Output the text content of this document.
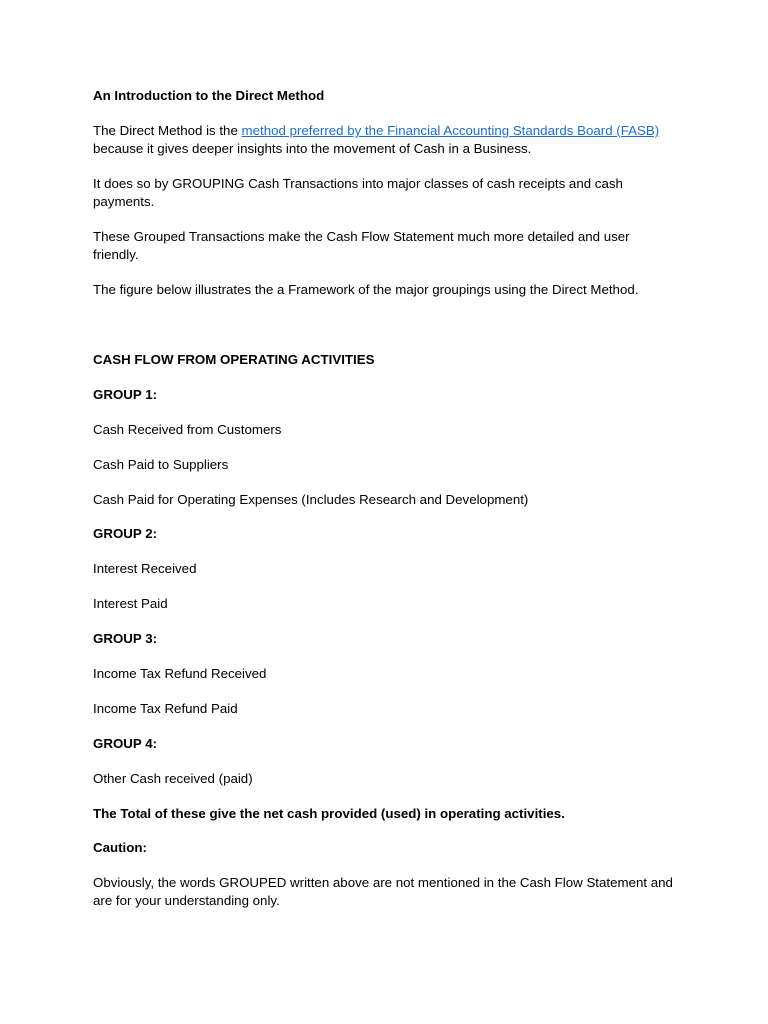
An Introduction to the Direct Method
The Direct Method is the method preferred by the Financial Accounting Standards Board (FASB) because it gives deeper insights into the movement of Cash in a Business.
It does so by GROUPING Cash Transactions into major classes of cash receipts and cash payments.
These Grouped Transactions make the Cash Flow Statement much more detailed and user friendly.
The figure below illustrates the a Framework of the major groupings using the Direct Method.
CASH FLOW FROM OPERATING ACTIVITIES
GROUP 1:
Cash Received from Customers
Cash Paid to Suppliers
Cash Paid for Operating Expenses (Includes Research and Development)
GROUP 2:
Interest Received
Interest Paid
GROUP 3:
Income Tax Refund Received
Income Tax Refund Paid
GROUP 4:
Other Cash received (paid)
The Total of these give the net cash provided (used) in operating activities.
Caution:
Obviously, the words GROUPED written above are not mentioned in the Cash Flow Statement and are for your understanding only.
